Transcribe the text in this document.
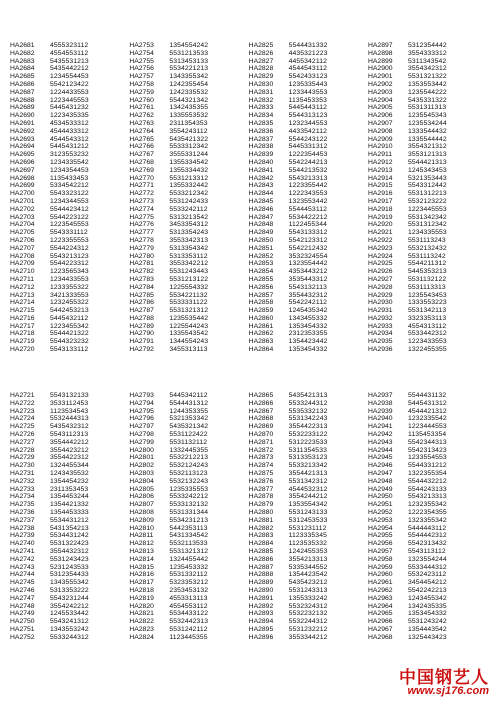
HA2681	4555323112
HA2682	4554553112
HA2683	5435531213
HA2684	5435442212
HA2685	1234554453
HA2686	5542123422
HA2687	1224433553
HA2688	1223445553
HA2689	5445431232
HA2690	1223435335
HA2691	4534533312
HA2692	4544433312
HA2693	4544543312
HA2694	5445431212
HA2695	3123553232
HA2696	1234335542
HA2697	1234354453
HA2698	1135433453
HA2699	5334542212
HA2700	5543323122
HA2701	1234344553
HA2702	5544423412
HA2703	5544223122
HA2704	1223545553
HA2705	5543331112
HA2706	1223355553
HA2707	5544224312
HA2708	5543213123
HA2709	5544223312
HA2710	1223565343
HA2711	1234433553
HA2712	1233355322
HA2713	3421333553
HA2714	1232455322
HA2715	5442453213
HA2716	5445432112
HA2717	1223455342
HA2718	5544421322
HA2719	5544323232
HA2720	5543133112
HA2753	1354554242
HA2754	5531213533
HA2755	5313453133
HA2756	5534221213
HA2757	1343355342
HA2758	1242355454
HA2759	1242335532
HA2760	5544321342
HA2761	1342435355
HA2762	1335553532
HA2763	2311354353
HA2764	3554243112
HA2765	5435421322
HA2766	5533312342
HA2767	3555331244
HA2768	1355334542
HA2769	1355334432
HA2770	5531213312
HA2771	1355332442
HA2772	5533212342
HA2773	5531242433
HA2774	5533242112
HA2775	5313213542
HA2776	3453354312
HA2777	5313354243
HA2778	3553342313
HA2779	5313354342
HA2780	5313353112
HA2781	3553342212
HA2782	5531243443
HA2783	5531213122
HA2784	1225554332
HA2785	5534221132
HA2786	5533331122
HA2787	5531321312
HA2788	1235535442
HA2789	1225544243
HA2790	1335543542
HA2791	1344554243
HA2792	3455313113
HA2825	5544431332
HA2826	4435321223
HA2827	4455342112
HA2828	4544543112
HA2829	5542433123
HA2830	1235335443
HA2831	1233443553
HA2832	1135453353
HA2833	5445443112
HA2834	5544313123
HA2835	1232344553
HA2836	4433542112
HA2837	5544243122
HA2838	5445331312
HA2839	1222354453
HA2840	5542244213
HA2841	5544213532
HA2842	5543213313
HA2843	1223355442
HA2844	1222343553
HA2845	1323553442
HA2846	5544453112
HA2847	5534422212
HA2848	1122455344
HA2849	5543133312
HA2850	5542123312
HA2851	5542212432
HA2852	3532324554
HA2853	1323554442
HA2854	4353443212
HA2855	3535443312
HA2856	5543132113
HA2857	3554432312
HA2858	5542242112
HA2859	1245435342
HA2860	1343455332
HA2861	1353454332
HA2862	2312353355
HA2863	1354423442
HA2864	1353454332
HA2897	5312354442
HA2898	3554333312
HA2899	5311343542
HA2900	3554342312
HA2901	5531321322
HA2902	1353553442
HA2903	1235544222
HA2904	5435331322
HA2905	5531311313
HA2906	1235545343
HA2907	1235534244
HA2908	1333544432
HA2909	1335544442
HA2910	3554321312
HA2911	3553121313
HA2912	5544421313
HA2913	1245343453
HA2914	5321353443
HA2915	5543312442
HA2916	5531312213
HA2917	5532123222
HA2918	1223445553
HA2919	5531342342
HA2920	5531312342
HA2921	1234335553
HA2922	5531113243
HA2923	5532132432
HA2924	5531113242
HA2925	5544211312
HA2926	5445353213
HA2927	5531132122
HA2928	5531113313
HA2929	1235543453
HA2930	1333553223
HA2931	5531342113
HA2932	3323353113
HA2933	4554313112
HA2934	5533442312
HA2935	1223433553
HA2936	1322455355
HA2721	5543132133
HA2722	3533112453
HA2723	1123534543
HA2724	5532444313
HA2725	5435432312
HA2726	5543112313
HA2727	3554442212
HA2728	3554423212
HA2729	3554422312
HA2730	1324455344
HA2731	1243435532
HA2732	1354454232
HA2733	2311353453
HA2734	1354453244
HA2735	1354421332
HA2736	1354453333
HA2737	5534431212
HA2738	5431354213
HA2739	5534431242
HA2740	5531322423
HA2741	3554432312
HA2742	5531243423
HA2743	5231243533
HA2744	5312354433
HA2745	1343555342
HA2746	5313353222
HA2747	5543231244
HA2748	3554242212
HA2749	1245533442
HA2750	5543241312
HA2751	1343553242
HA2752	5533244312
HA2793	5445342112
HA2794	5544431312
HA2795	1244353355
HA2796	5321353342
HA2797	5435321342
HA2798	5531122422
HA2799	5531132112
HA2800	1332445355
HA2801	5532212213
HA2802	5532124243
HA2803	5532113123
HA2804	5532132243
HA2805	1235335553
HA2806	5533242212
HA2807	5533132132
HA2808	5531331344
HA2809	5534231213
HA2810	5442353113
HA2811	5431334542
HA2812	5532113533
HA2813	5531321312
HA2814	1324455442
HA2815	1235453332
HA2816	5531332112
HA2817	5323353212
HA2818	2353453132
HA2819	4553313113
HA2820	4554553112
HA2821	5534433122
HA2822	5532442313
HA2823	5531242112
HA2824	1123445355
HA2865	5435421313
HA2866	5533244312
HA2867	5535332132
HA2868	5531342243
HA2869	3554422313
HA2870	5532233122
HA2871	5312223533
HA2872	5311354533
HA2873	5313353123
HA2874	5533213342
HA2875	3554421313
HA2876	5531342312
HA2877	4544532312
HA2878	3554244212
HA2879	1353554342
HA2880	5531243133
HA2881	5312453533
HA2882	5531231112
HA2883	1123335345
HA2884	1123535332
HA2885	1242455353
HA2886	3554213313
HA2887	5335344552
HA2888	1354423542
HA2889	5435423212
HA2890	5531243313
HA2891	1355333242
HA2892	5532324312
HA2893	5532232132
HA2894	5532244312
HA2895	5531232212
HA2896	3553344212
HA2937	5544431132
HA2938	5445431312
HA2939	4544421312
HA2940	1232335542
HA2941	1223444553
HA2942	1135453354
HA2943	5542344313
HA2944	5542313423
HA2945	1233554553
HA2946	5544331212
HA2947	1322355354
HA2948	5544432212
HA2949	5544243133
HA2950	5543213313
HA2951	1232355342
HA2952	1222354355
HA2953	1323355342
HA2954	5444443112
HA2955	5544442312
HA2956	5542313432
HA2957	5543113112
HA2958	1323554244
HA2959	5533444312
HA2960	5532423112
HA2961	3454454212
HA2962	5542242213
HA2963	1243455342
HA2964	1342435335
HA2965	1353454332
HA2966	5531243242
HA2967	1354443542
HA2968	1325443423
中国钢艺人
www.sj176.com
